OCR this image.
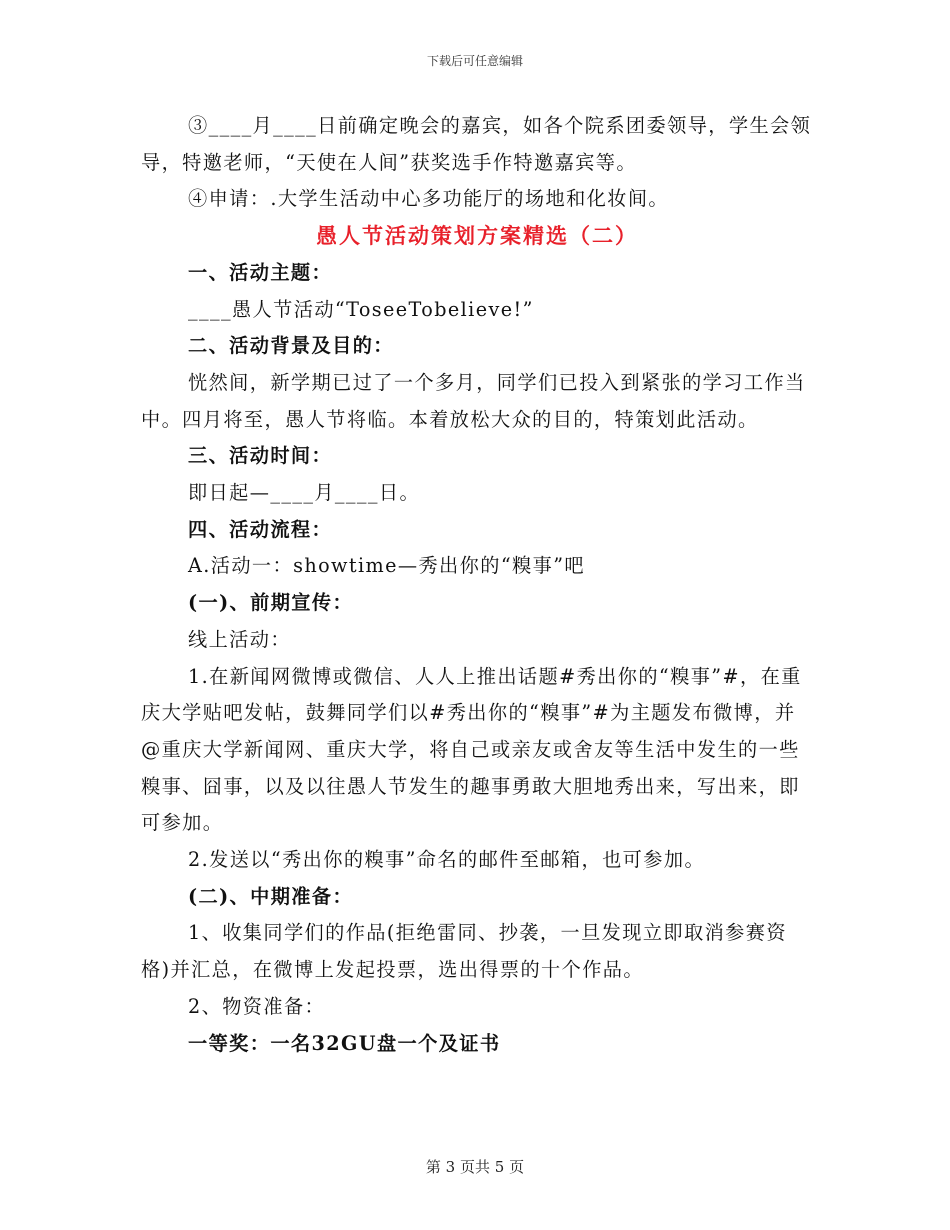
下载后可任意编辑

③____月____日前确定晚会的嘉宾，如各个院系团委领导，学生会领导，特邀老师，“天使在人间”获奖选手作特邀嘉宾等。

④申请：.大学生活动中心多功能厅的场地和化妆间。

愚人节活动策划方案精选（二）

一、活动主题：

____愚人节活动“ToseeTobelieve!”

二、活动背景及目的：

恍然间，新学期已过了一个多月，同学们已投入到紧张的学习工作当中。四月将至，愚人节将临。本着放松大众的目的，特策划此活动。

三、活动时间：

即日起—____月____日。

四、活动流程：

A.活动一：showtime—秀出你的“糗事”吧

(一)、前期宣传：

线上活动：

1.在新闻网微博或微信、人人上推出话题#秀出你的“糗事”#，在重庆大学贴吧发帖，鼓舞同学们以#秀出你的“糗事”#为主题发布微博，并@重庆大学新闻网、重庆大学，将自己或亲友或舍友等生活中发生的一些糗事、囧事，以及以往愚人节发生的趣事勇敢大胆地秀出来，写出来，即可参加。

2.发送以“秀出你的糗事”命名的邮件至邮箱，也可参加。

(二)、中期准备：

1、收集同学们的作品(拒绝雷同、抄袭，一旦发现立即取消参赛资格)并汇总，在微博上发起投票，选出得票的十个作品。

2、物资准备：

一等奖：一名32GU盘一个及证书

第 3 页共 5 页
